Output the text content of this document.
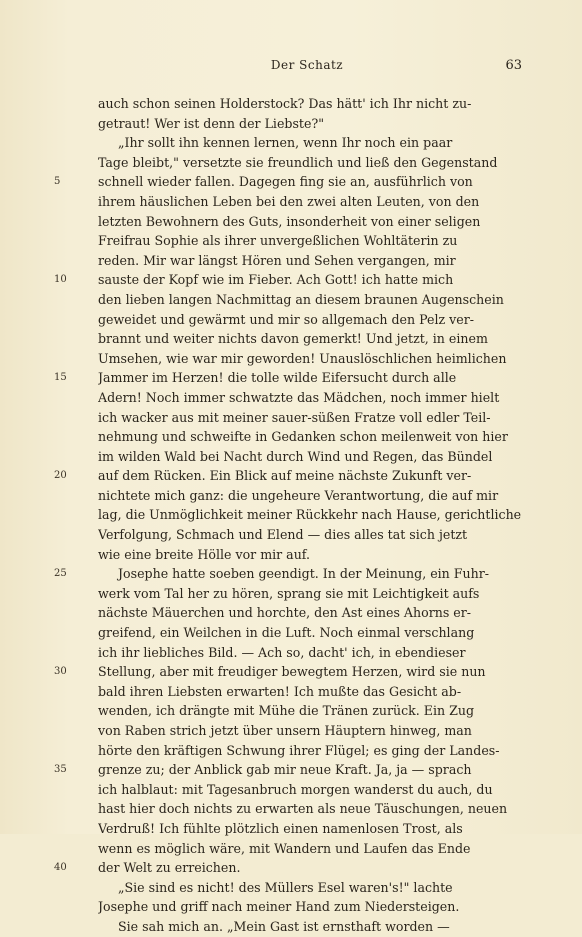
Der Schatz	63
auch schon seinen Holderstock? Das hätt' ich Ihr nicht zu-
getraut! Wer ist denn der Liebste?"
„Ihr sollt ihn kennen lernen, wenn Ihr noch ein paar
Tage bleibt," versetzte sie freundlich und ließ den Gegenstand
5	schnell wieder fallen. Dagegen fing sie an, ausführlich von
ihrem häuslichen Leben bei den zwei alten Leuten, von den
letzten Bewohnern des Guts, insonderheit von einer seligen
Freifrau Sophie als ihrer unvergeßlichen Wohltäterin zu
reden. Mir war längst Hören und Sehen vergangen, mir
10	sauste der Kopf wie im Fieber. Ach Gott! ich hatte mich
den lieben langen Nachmittag an diesem braunen Augenschein
geweidet und gewärmt und mir so allgemach den Pelz ver-
brannt und weiter nichts davon gemerkt! Und jetzt, in einem
Umsehen, wie war mir geworden! Unauslöschlichen heimlichen
15	Jammer im Herzen! die tolle wilde Eifersucht durch alle
Adern! Noch immer schwatzte das Mädchen, noch immer hielt
ich wacker aus mit meiner sauer-süßen Fratze voll edler Teil-
nehmung und schweifte in Gedanken schon meilenweit von hier
im wilden Wald bei Nacht durch Wind und Regen, das Bündel
20	auf dem Rücken. Ein Blick auf meine nächste Zukunft ver-
nichtete mich ganz: die ungeheure Verantwortung, die auf mir
lag, die Unmöglichkeit meiner Rückkehr nach Hause, gerichtliche
Verfolgung, Schmach und Elend — dies alles tat sich jetzt
wie eine breite Hölle vor mir auf.
25	Josephe hatte soeben geendigt. In der Meinung, ein Fuhr-
werk vom Tal her zu hören, sprang sie mit Leichtigkeit aufs
nächste Mäuerchen und horchte, den Ast eines Ahorns er-
greifend, ein Weilchen in die Luft. Noch einmal verschlang
ich ihr liebliches Bild. — Ach so, dacht' ich, in ebendieser
30	Stellung, aber mit freudiger bewegtem Herzen, wird sie nun
bald ihren Liebsten erwarten! Ich mußte das Gesicht ab-
wenden, ich drängte mit Mühe die Tränen zurück. Ein Zug
von Raben strich jetzt über unsern Häuptern hinweg, man
hörte den kräftigen Schwung ihrer Flügel; es ging der Landes-
35	grenze zu; der Anblick gab mir neue Kraft. Ja, ja — sprach
ich halblaut: mit Tagesanbruch morgen wanderst du auch, du
hast hier doch nichts zu erwarten als neue Täuschungen, neuen
Verdruß! Ich fühlte plötzlich einen namenlosen Trost, als
wenn es möglich wäre, mit Wandern und Laufen das Ende
40	der Welt zu erreichen.
„Sie sind es nicht! des Müllers Esel waren's!" lachte
Josephe und griff nach meiner Hand zum Niedersteigen.
Sie sah mich an. „Mein Gast ist ernsthaft worden —
